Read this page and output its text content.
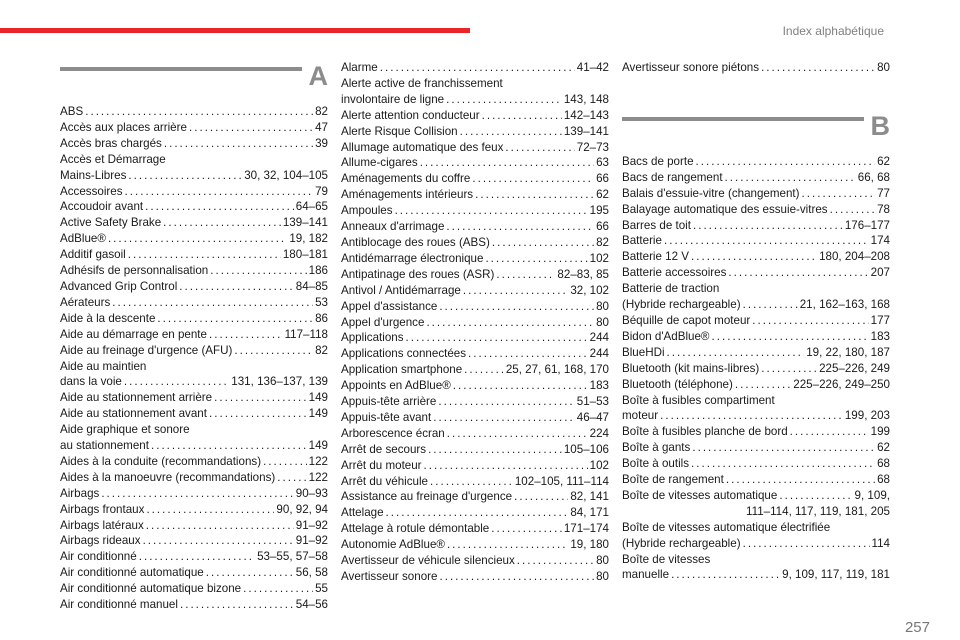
Index alphabétique
A
ABS . . .	82
Accès aux places arrière . . .	47
Accès bras chargés . . .	39
Accès et Démarrage
Mains-Libres . . .	30, 32, 104–105
Accessoires . . .	79
Accoudoir avant . . .	64–65
Active Safety Brake . . .	139–141
AdBlue® . . .	19, 182
Additif gasoil . . .	180–181
Adhésifs de personnalisation . . .	186
Advanced Grip Control . . .	84–85
Aérateurs . . .	53
Aide à la descente . . .	86
Aide au démarrage en pente . . .	117–118
Aide au freinage d'urgence (AFU) . . .	82
Aide au maintien
dans la voie . . .	131, 136–137, 139
Aide au stationnement arrière . . .	149
Aide au stationnement avant . . .	149
Aide graphique et sonore
au stationnement . . .	149
Aides à la conduite (recommandations) . . .	122
Aides à la manoeuvre (recommandations) . . .	122
Airbags . . .	90–93
Airbags frontaux . . .	90, 92, 94
Airbags latéraux . . .	91–92
Airbags rideaux . . .	91–92
Air conditionné . . .	53–55, 57–58
Air conditionné automatique . . .	56, 58
Air conditionné automatique bizone . . .	55
Air conditionné manuel . . .	54–56
Alarme . . .	41–42
Alerte active de franchissement
involontaire de ligne . . .	143, 148
Alerte attention conducteur . . .	142–143
Alerte Risque Collision . . .	139–141
Allumage automatique des feux . . .	72–73
Allume-cigares . . .	63
Aménagements du coffre . . .	66
Aménagements intérieurs . . .	62
Ampoules . . .	195
Anneaux d'arrimage . . .	66
Antiblocage des roues (ABS) . . .	82
Antidémarrage électronique . . .	102
Antipatinage des roues (ASR) . . .	82–83, 85
Antivol / Antidémarrage . . .	32, 102
Appel d'assistance . . .	80
Appel d'urgence . . .	80
Applications . . .	244
Applications connectées . . .	244
Application smartphone . . .	25, 27, 61, 168, 170
Appoints en AdBlue® . . .	183
Appuis-tête arrière . . .	51–53
Appuis-tête avant . . .	46–47
Arborescence écran . . .	224
Arrêt de secours . . .	105–106
Arrêt du moteur . . .	102
Arrêt du véhicule . . .	102–105, 111–114
Assistance au freinage d'urgence . . .	82, 141
Attelage . . .	84, 171
Attelage à rotule démontable . . .	171–174
Autonomie AdBlue® . . .	19, 180
Avertisseur de véhicule silencieux . . .	80
Avertisseur sonore . . .	80
Avertisseur sonore piétons . . .	80
B
Bacs de porte . . .	62
Bacs de rangement . . .	66, 68
Balais d'essuie-vitre (changement) . . .	77
Balayage automatique des essuie-vitres . . .	78
Barres de toit . . .	176–177
Batterie . . .	174
Batterie 12 V . . .	180, 204–208
Batterie accessoires . . .	207
Batterie de traction
(Hybride rechargeable) . . .	21, 162–163, 168
Béquille de capot moteur . . .	177
Bidon d'AdBlue® . . .	183
BlueHDi . . .	19, 22, 180, 187
Bluetooth (kit mains-libres) . . .	225–226, 249
Bluetooth (téléphone) . . .	225–226, 249–250
Boîte à fusibles compartiment
moteur . . .	199, 203
Boîte à fusibles planche de bord . . .	199
Boîte à gants . . .	62
Boîte à outils . . .	68
Boîte de rangement . . .	68
Boîte de vitesses automatique . . .	9, 109,
111–114, 117, 119, 181, 205
Boîte de vitesses automatique électrifiée
(Hybride rechargeable) . . .	114
Boîte de vitesses
manuelle . . .	9, 109, 117, 119, 181
257
